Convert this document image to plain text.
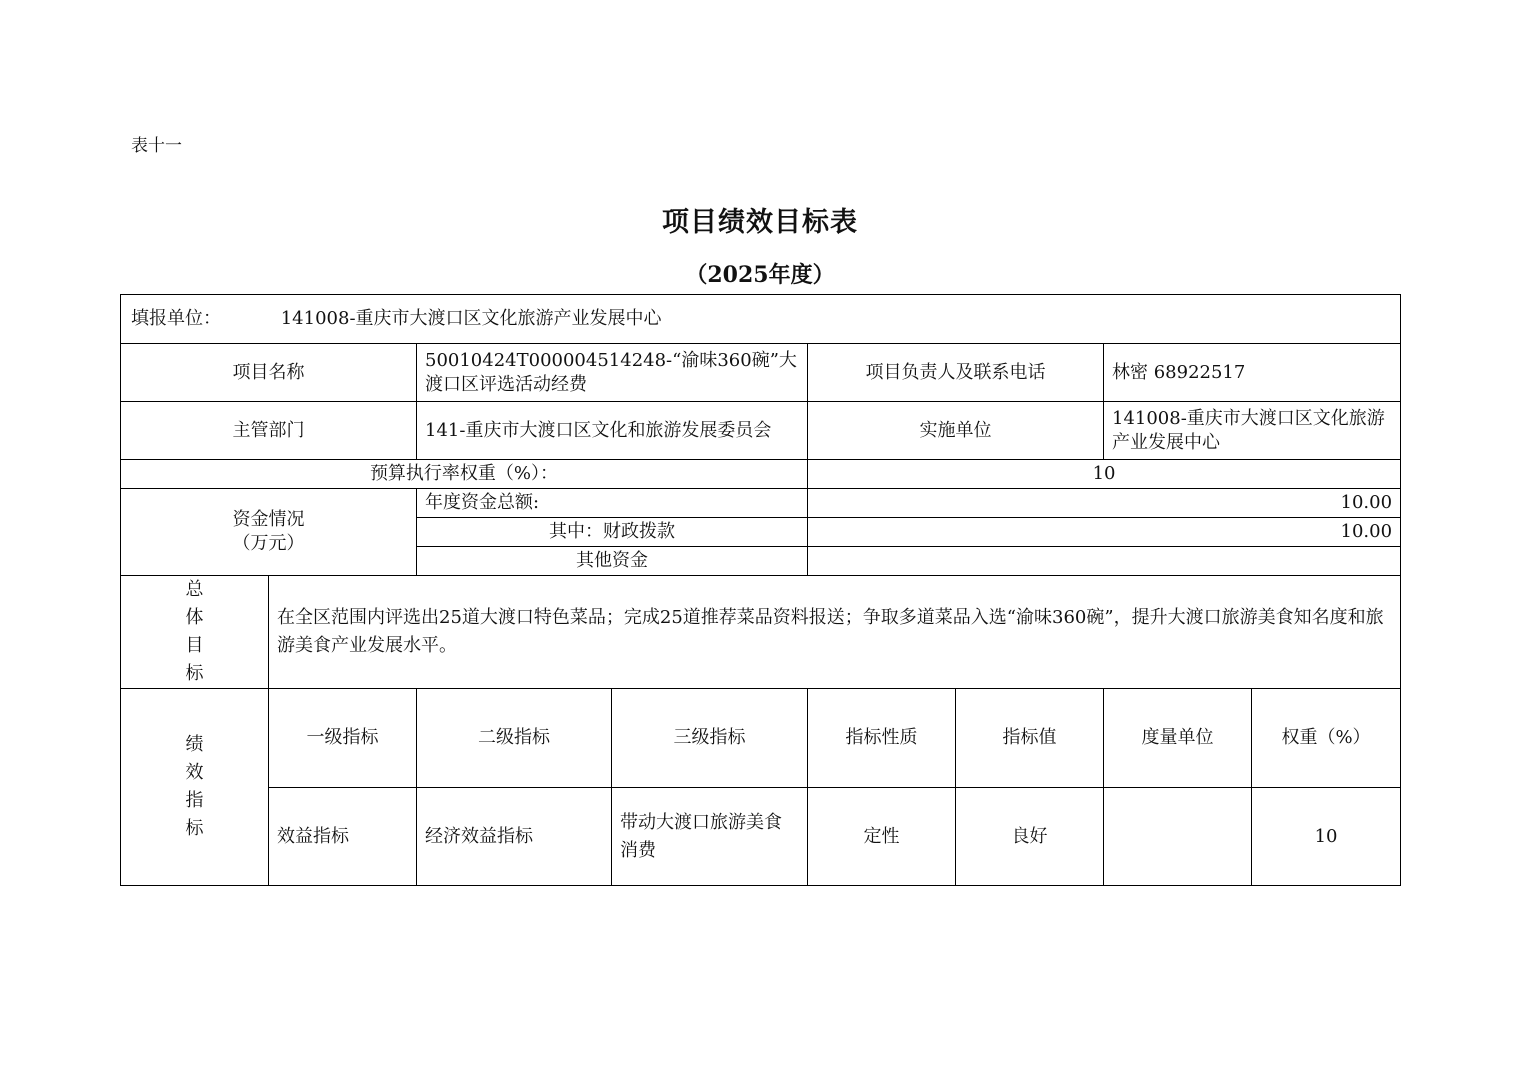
表十一
项目绩效目标表
（2025年度）
填报单位： 141008-重庆市大渡口区文化旅游产业发展中心							
项目名称		50010424T000004514248-“渝味360碗”大渡口区评选活动经费		项目负责人及联系电话		林密 68922517	
主管部门		141-重庆市大渡口区文化和旅游发展委员会		实施单位		141008-重庆市大渡口区文化旅游产业发展中心	
预算执行率权重（%）：				10			

资金情况
（万元）		年度资金总额:		10.00			
		其中：财政拨款		10.00			
		其他资金					

总
体
目
标	在全区范围内评选出25道大渡口特色菜品；完成25道推荐菜品资料报送；争取多道菜品入选“渝味360碗”，提升大渡口旅游美食知名度和旅游美食产业发展水平。						

绩
效
指
标	一级指标	二级指标	三级指标	指标性质	指标值	度量单位	权重（%）
	效益指标	经济效益指标	带动大渡口旅游美食消费	定性	良好		10
